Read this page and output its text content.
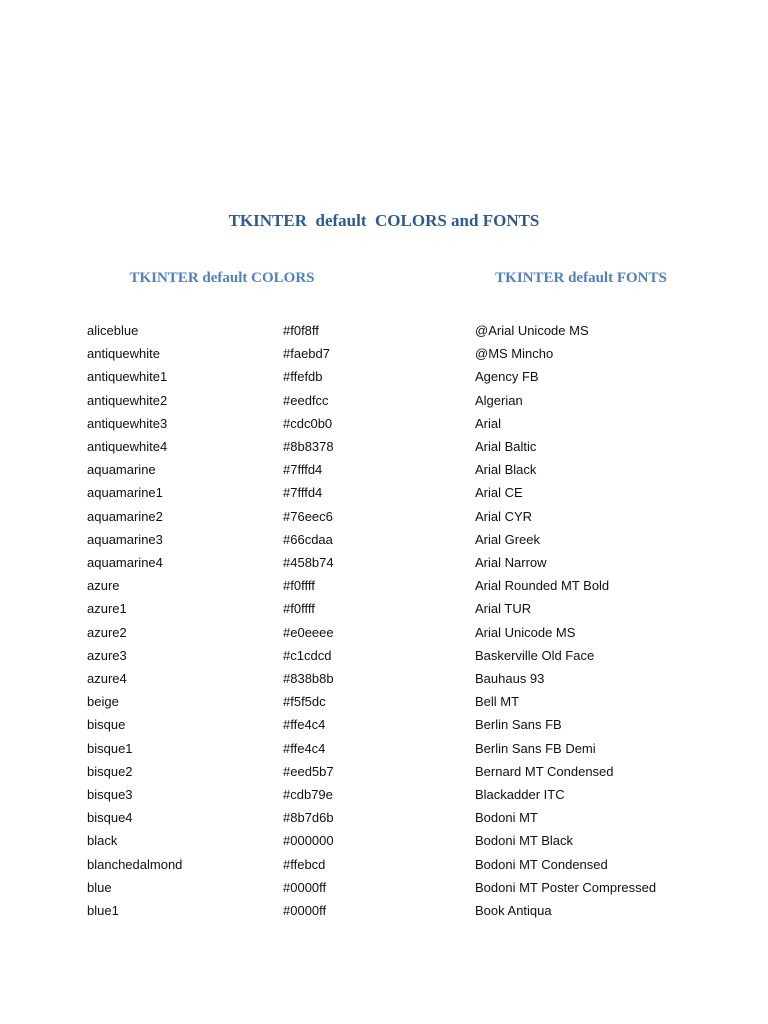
TKINTER  default  COLORS and FONTS
TKINTER default COLORS	TKINTER default FONTS
aliceblue	#f0f8ff	@Arial Unicode MS
antiquewhite	#faebd7	@MS Mincho
antiquewhite1	#ffefdb	Agency FB
antiquewhite2	#eedfcc	Algerian
antiquewhite3	#cdc0b0	Arial
antiquewhite4	#8b8378	Arial Baltic
aquamarine	#7fffd4	Arial Black
aquamarine1	#7fffd4	Arial CE
aquamarine2	#76eec6	Arial CYR
aquamarine3	#66cdaa	Arial Greek
aquamarine4	#458b74	Arial Narrow
azure	#f0ffff	Arial Rounded MT Bold
azure1	#f0ffff	Arial TUR
azure2	#e0eeee	Arial Unicode MS
azure3	#c1cdcd	Baskerville Old Face
azure4	#838b8b	Bauhaus 93
beige	#f5f5dc	Bell MT
bisque	#ffe4c4	Berlin Sans FB
bisque1	#ffe4c4	Berlin Sans FB Demi
bisque2	#eed5b7	Bernard MT Condensed
bisque3	#cdb79e	Blackadder ITC
bisque4	#8b7d6b	Bodoni MT
black	#000000	Bodoni MT Black
blanchedalmond	#ffebcd	Bodoni MT Condensed
blue	#0000ff	Bodoni MT Poster Compressed
blue1	#0000ff	Book Antiqua
